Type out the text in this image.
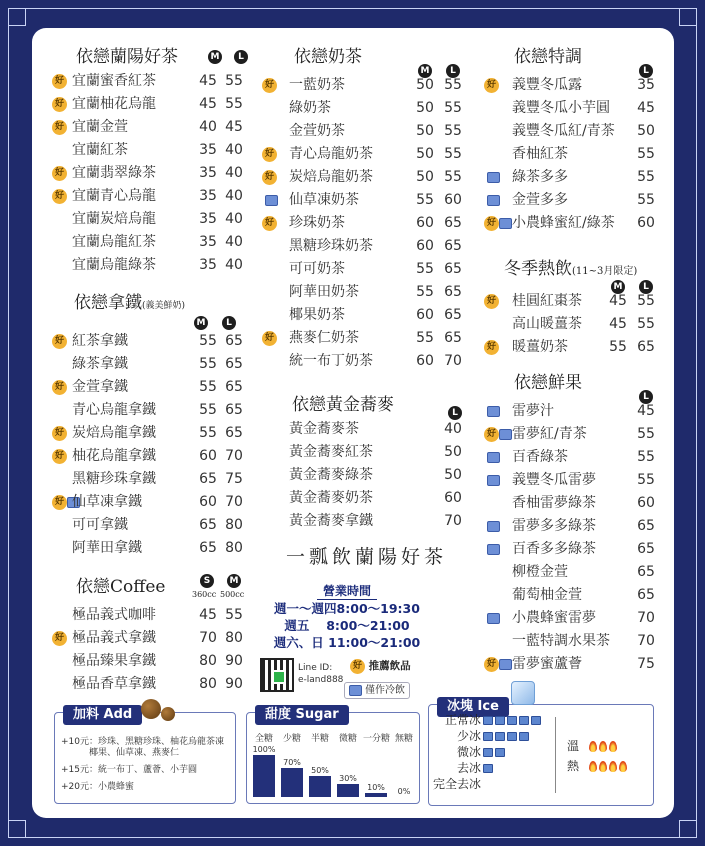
依戀蘭陽好茶	M	L
好 宜蘭蜜香紅茶	45 55
好 宜蘭柚花烏龍	45 55
好 宜蘭金萱	40 45
宜蘭紅茶	35 40
好 宜蘭翡翠綠茶	35 40
好 宜蘭青心烏龍	35 40
宜蘭炭焙烏龍	35 40
宜蘭烏龍紅茶	35 40
宜蘭烏龍綠茶	35 40
依戀拿鐵(義美鮮奶)
M	L
好 紅茶拿鐵	55 65
綠茶拿鐵	55 65
好 金萱拿鐵	55 65
青心烏龍拿鐵	55 65
好 炭焙烏龍拿鐵	55 65
好 柚花烏龍拿鐵	60 70
黑糖珍珠拿鐵	65 75
好 仙草凍拿鐵	60 70
可可拿鐵	65 80
阿華田拿鐵	65 80
依戀Coffee	S	M
360cc 500cc
極品義式咖啡	45 55
好 極品義式拿鐵	70 80
極品臻果拿鐵	80 90
極品香草拿鐵	80 90
依戀奶茶
M	L
好 一藍奶茶	50 55
綠奶茶	50 55
金萱奶茶	50 55
好 青心烏龍奶茶	50 55
好 炭焙烏龍奶茶	50 55
仙草凍奶茶	55 60
好 珍珠奶茶	60 65
黑糖珍珠奶茶	60 65
可可奶茶	55 65
阿華田奶茶	55 65
椰果奶茶	60 65
好 燕麥仁奶茶	55 65
統一布丁奶茶	60 70
依戀黃金蕎麥	L
黃金蕎麥茶	40
黃金蕎麥紅茶	50
黃金蕎麥綠茶	50
黃金蕎麥奶茶	60
黃金蕎麥拿鐵	70
依戀特調
L
好 義豐冬瓜露	35
義豐冬瓜小芋圓	45
義豐冬瓜紅/青茶	50
香柚紅茶	55
綠茶多多	55
金萱多多	55
好 小農蜂蜜紅/綠茶	60
冬季熱飲(11~3月限定)
M	L
好 桂圓紅棗茶	45 55
高山暖薑茶	45 55
好 暖薑奶茶	55 65
依戀鮮果
L
雷夢汁	45
好 雷夢紅/青茶	55
百香綠茶	55
義豐冬瓜雷夢	55
香柚雷夢綠茶	60
雷夢多多綠茶	65
百香多多綠茶	65
柳橙金萱	65
葡萄柚金萱	65
小農蜂蜜雷夢	70
一藍特調水果茶	70
好 雷夢蜜蘆薈	75
一瓢飲蘭陽好茶
營業時間
週一～週四8:00～19:30
週五　 8:00～21:00
週六、日 11:00～21:00
Line ID:
e-land888
好 推薦飲品
僅作冷飲
加料 Add
+10元：珍珠、黑糖珍珠、柚花烏龍茶凍
椰果、仙草凍、燕麥仁
+15元：統一布丁、蘆薈、小芋圓
+20元：小農蜂蜜
甜度 Sugar
全糖
100%
少糖
70%
半糖
50%
微糖
30%
一分糖
10%
無糖
0%
冰塊 Ice
正常冰
少冰
微冰
去冰
完全去冰
溫
熱
